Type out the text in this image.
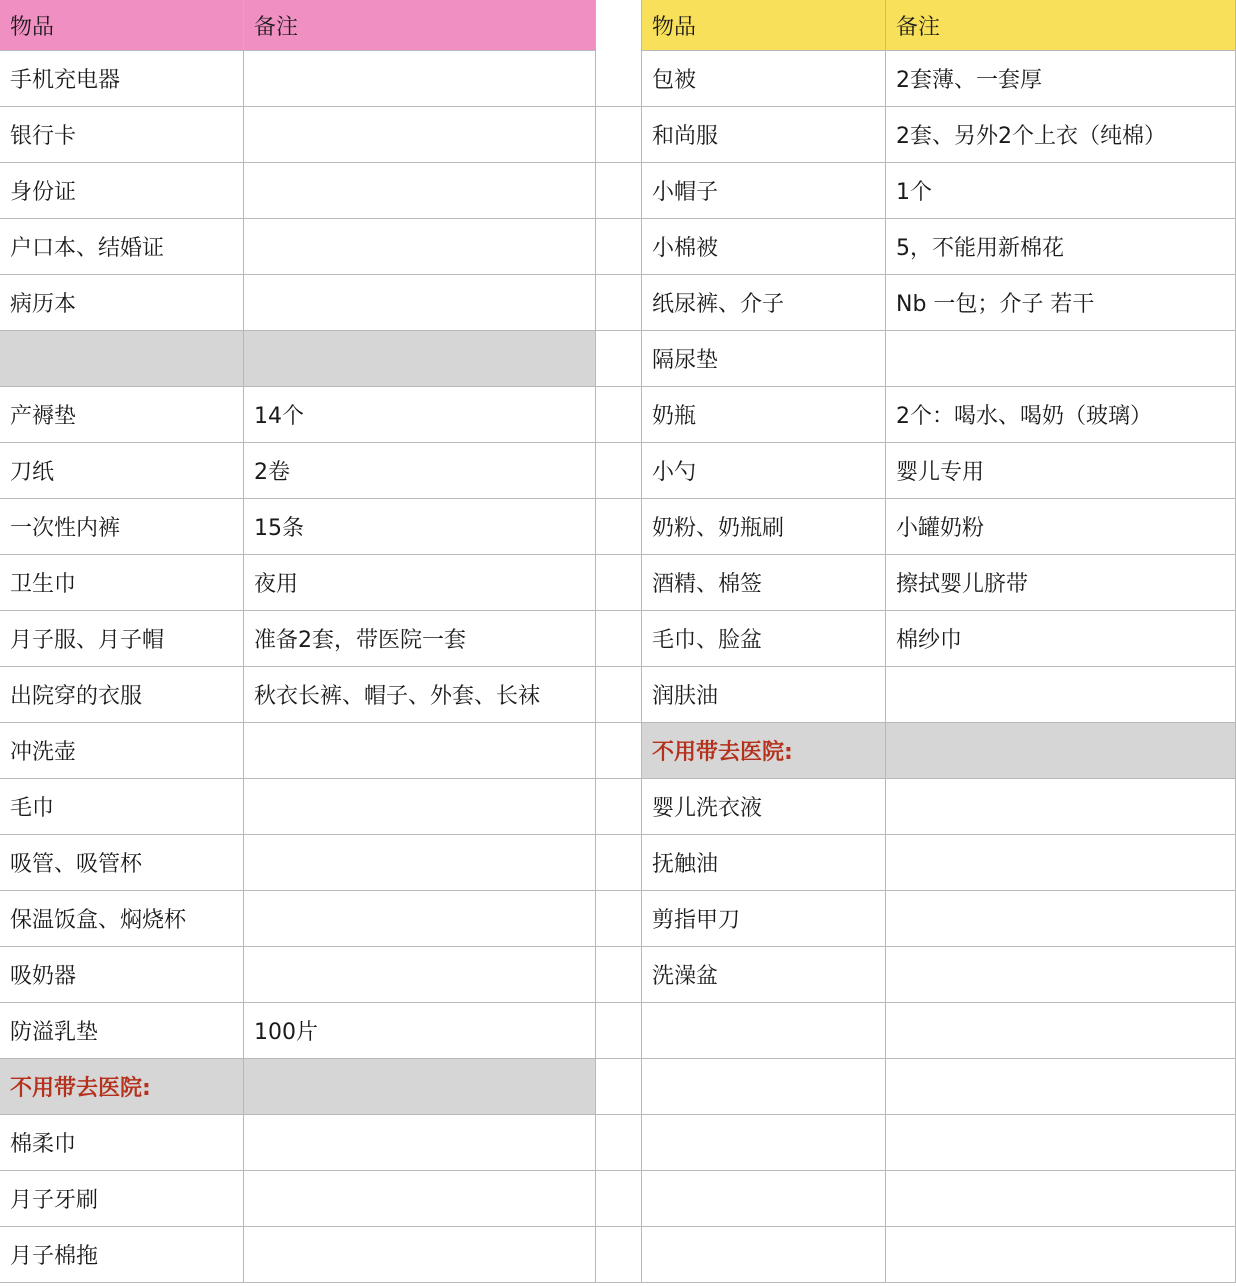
物品	备注
手机充电器
银行卡
身份证
户口本、结婚证
病历本
产褥垫	14个
刀纸	2卷
一次性内裤	15条
卫生巾	夜用
月子服、月子帽	准备2套，带医院一套
出院穿的衣服	秋衣长裤、帽子、外套、长袜
冲洗壶
毛巾
吸管、吸管杯
保温饭盒、焖烧杯
吸奶器
防溢乳垫	100片
不用带去医院:
棉柔巾
月子牙刷
月子棉拖
物品	备注
包被	2套薄、一套厚
和尚服	2套、另外2个上衣（纯棉）
小帽子	1个
小棉被	5，不能用新棉花
纸尿裤、介子	Nb 一包；介子 若干
隔尿垫
奶瓶	2个：喝水、喝奶（玻璃）
小勺	婴儿专用
奶粉、奶瓶刷	小罐奶粉
酒精、棉签	擦拭婴儿脐带
毛巾、脸盆	棉纱巾
润肤油
不用带去医院:
婴儿洗衣液
抚触油
剪指甲刀
洗澡盆
